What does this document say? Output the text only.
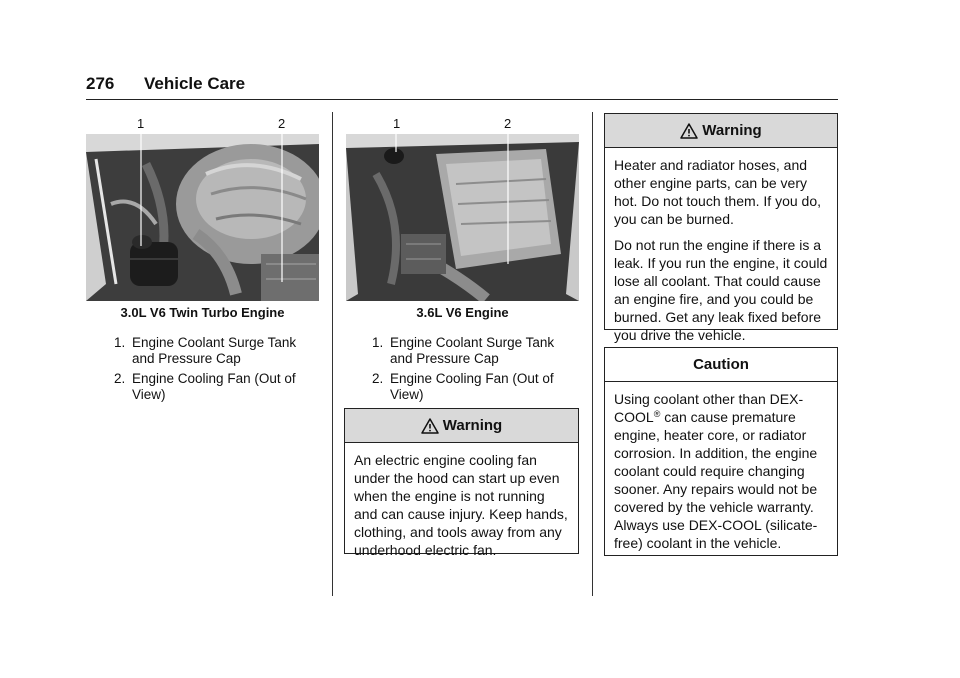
276 Vehicle Care
1	2
3.0L V6 Twin Turbo Engine
1. Engine Coolant Surge Tank and Pressure Cap
2. Engine Cooling Fan (Out of View)
1	2
3.6L V6 Engine
1. Engine Coolant Surge Tank and Pressure Cap
2. Engine Cooling Fan (Out of View)
Warning

An electric engine cooling fan under the hood can start up even when the engine is not running and can cause injury. Keep hands, clothing, and tools away from any underhood electric fan.

Warning

Heater and radiator hoses, and other engine parts, can be very hot. Do not touch them. If you do, you can be burned.

Do not run the engine if there is a leak. If you run the engine, it could lose all coolant. That could cause an engine fire, and you could be burned. Get any leak fixed before you drive the vehicle.

Caution

Using coolant other than DEX-COOL® can cause premature engine, heater core, or radiator corrosion. In addition, the engine coolant could require changing sooner. Any repairs would not be covered by the vehicle warranty. Always use DEX-COOL (silicate-free) coolant in the vehicle.
